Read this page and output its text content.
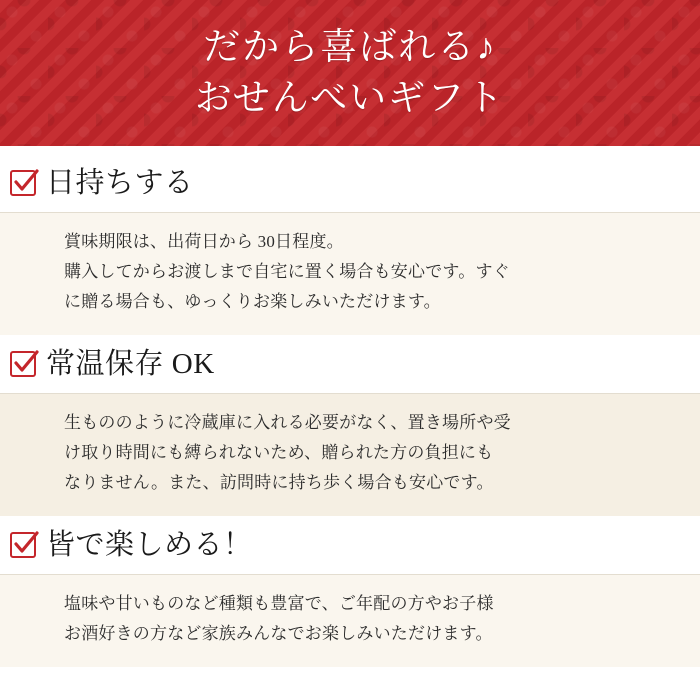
だから喜ばれる♪
おせんべいギフト
日持ちする
賞味期限は、出荷日から 30日程度。
購入してからお渡しまで自宅に置く場合も安心です。すぐ
に贈る場合も、ゆっくりお楽しみいただけます。
常温保存 OK
生もののように冷蔵庫に入れる必要がなく、置き場所や受
け取り時間にも縛られないため、贈られた方の負担にも
なりません。また、訪問時に持ち歩く場合も安心です。
皆で楽しめる！
塩味や甘いものなど種類も豊富で、ご年配の方やお子様
お酒好きの方など家族みんなでお楽しみいただけます。
